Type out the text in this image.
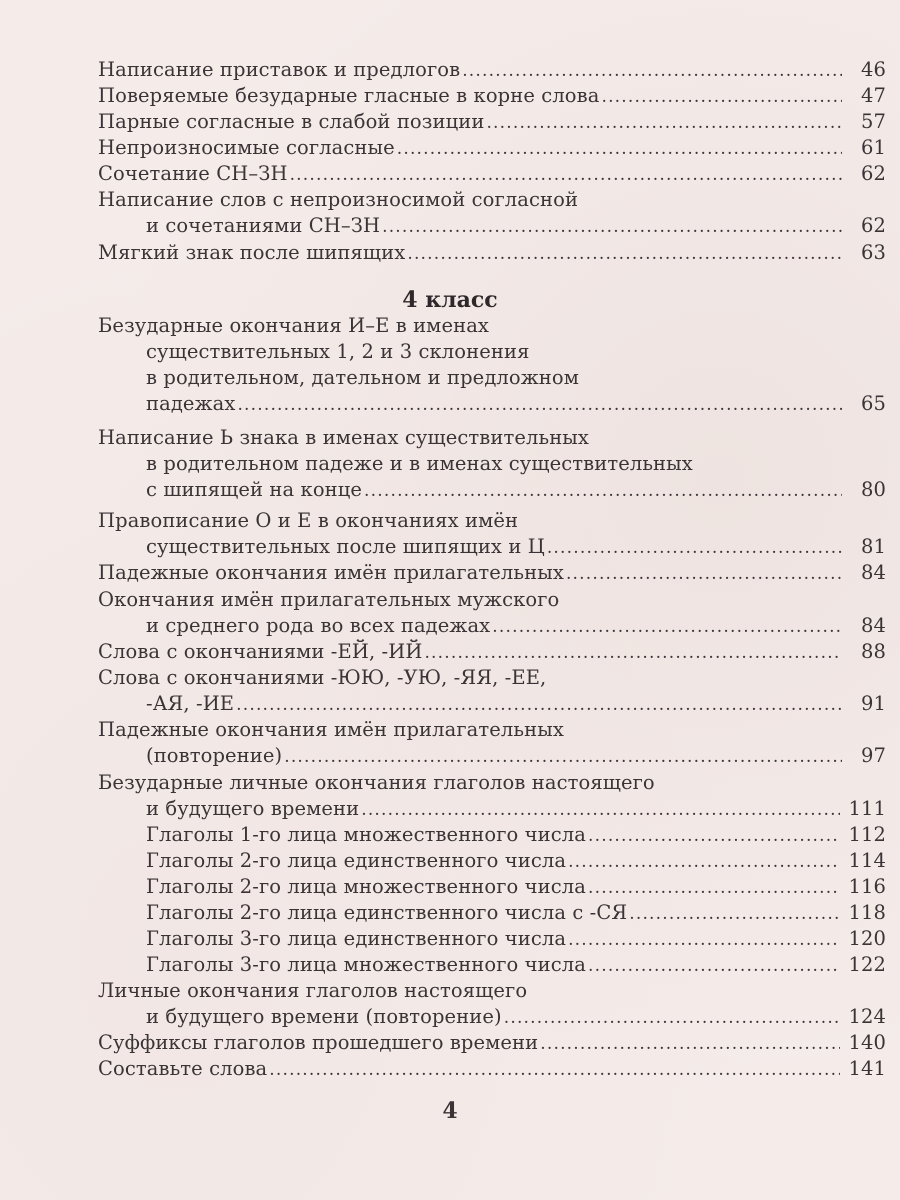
Написание приставок и предлогов .....	46
Поверяемые безударные гласные в корне слова .....	47
Парные согласные в слабой позиции .....	57
Непроизносимые согласные .....	61
Сочетание СН–ЗН .....	62
Написание слов с непроизносимой согласной
и сочетаниями СН–ЗН .....	62
Мягкий знак после шипящих .....	63
4 класс
Безударные окончания И–Е в именах
существительных 1, 2 и 3 склонения
в родительном, дательном и предложном
падежах .....	65
Написание Ь знака в именах существительных
в родительном падеже и в именах существительных
с шипящей на конце .....	80
Правописание О и Е в окончаниях имён
существительных после шипящих и Ц .....	81
Падежные окончания имён прилагательных .....	84
Окончания имён прилагательных мужского
и среднего рода во всех падежах .....	84
Слова с окончаниями -ЕЙ, -ИЙ .....	88
Слова с окончаниями -ЮЮ, -УЮ, -ЯЯ, -ЕЕ,
-АЯ, -ИЕ .....	91
Падежные окончания имён прилагательных
(повторение) .....	97
Безударные личные окончания глаголов настоящего
и будущего времени .....	111
Глаголы 1-го лица множественного числа .....	112
Глаголы 2-го лица единственного числа .....	114
Глаголы 2-го лица множественного числа .....	116
Глаголы 2-го лица единственного числа с -СЯ .....	118
Глаголы 3-го лица единственного числа .....	120
Глаголы 3-го лица множественного числа .....	122
Личные окончания глаголов настоящего
и будущего времени (повторение) .....	124
Суффиксы глаголов прошедшего времени .....	140
Составьте слова .....	141
4
